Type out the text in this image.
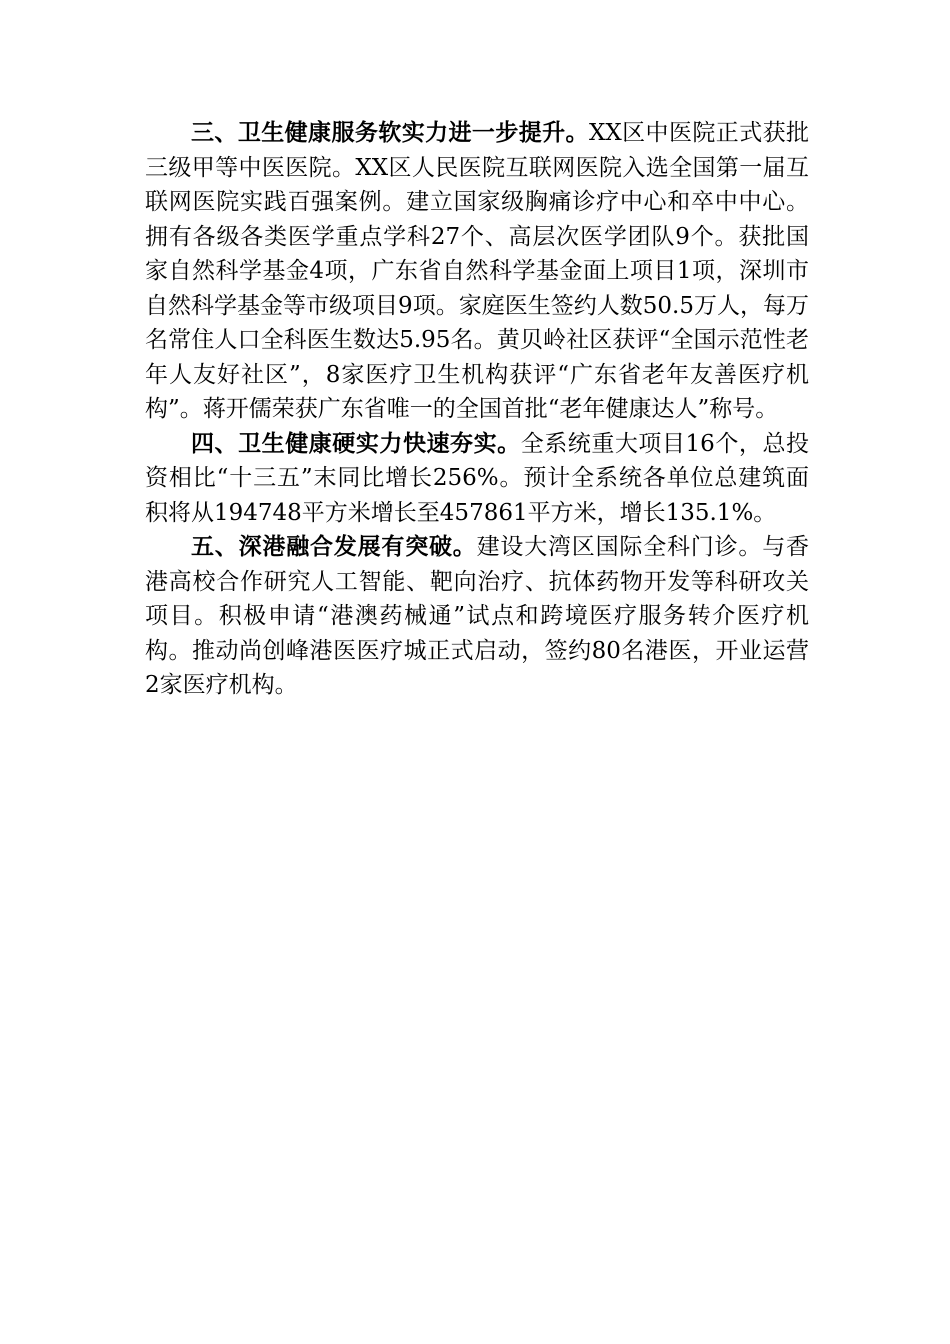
三、卫生健康服务软实力进一步提升。XX区中医院正式获批三级甲等中医医院。XX区人民医院互联网医院入选全国第一届互联网医院实践百强案例。建立国家级胸痛诊疗中心和卒中中心。拥有各级各类医学重点学科27个、高层次医学团队9个。获批国家自然科学基金4项，广东省自然科学基金面上项目1项，深圳市自然科学基金等市级项目9项。家庭医生签约人数50.5万人，每万名常住人口全科医生数达5.95名。黄贝岭社区获评“全国示范性老年人友好社区”，8家医疗卫生机构获评“广东省老年友善医疗机构”。蒋开儒荣获广东省唯一的全国首批“老年健康达人”称号。

四、卫生健康硬实力快速夯实。全系统重大项目16个，总投资相比“十三五”末同比增长256%。预计全系统各单位总建筑面积将从194748平方米增长至457861平方米，增长135.1%。

五、深港融合发展有突破。建设大湾区国际全科门诊。与香港高校合作研究人工智能、靶向治疗、抗体药物开发等科研攻关项目。积极申请“港澳药械通”试点和跨境医疗服务转介医疗机构。推动尚创峰港医医疗城正式启动，签约80名港医，开业运营2家医疗机构。
